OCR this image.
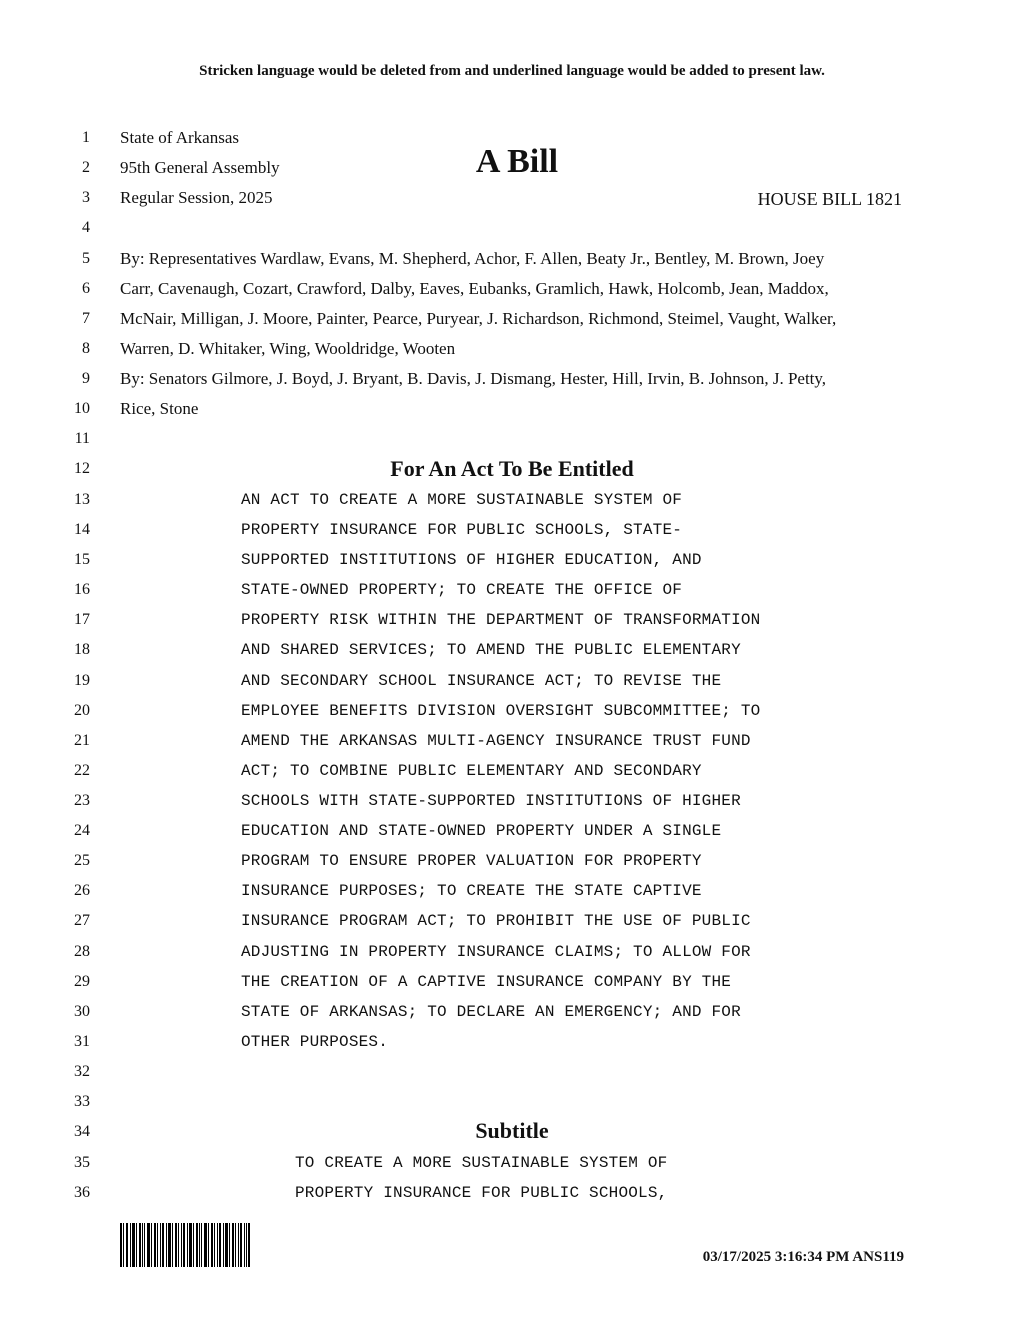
Stricken language would be deleted from and underlined language would be added to present law.
1
2
3
4
5
6
7
8
9
10
11
12
13
14
15
16
17
18
19
20
21
22
23
24
25
26
27
28
29
30
31
32
33
34
35
36
State of Arkansas
95th General Assembly
Regular Session, 2025
A Bill
HOUSE BILL 1821
By: Representatives Wardlaw, Evans, M. Shepherd, Achor, F. Allen, Beaty Jr., Bentley, M. Brown, Joey
Carr, Cavenaugh, Cozart, Crawford, Dalby, Eaves, Eubanks, Gramlich, Hawk, Holcomb, Jean, Maddox,
McNair, Milligan, J. Moore, Painter, Pearce, Puryear, J. Richardson, Richmond, Steimel, Vaught, Walker,
Warren, D. Whitaker, Wing, Wooldridge, Wooten
By: Senators Gilmore, J. Boyd, J. Bryant, B. Davis, J. Dismang, Hester, Hill, Irvin, B. Johnson, J. Petty,
Rice, Stone
For An Act To Be Entitled
AN ACT TO CREATE A MORE SUSTAINABLE SYSTEM OF
PROPERTY INSURANCE FOR PUBLIC SCHOOLS, STATE-
SUPPORTED INSTITUTIONS OF HIGHER EDUCATION, AND
STATE-OWNED PROPERTY; TO CREATE THE OFFICE OF
PROPERTY RISK WITHIN THE DEPARTMENT OF TRANSFORMATION
AND SHARED SERVICES; TO AMEND THE PUBLIC ELEMENTARY
AND SECONDARY SCHOOL INSURANCE ACT; TO REVISE THE
EMPLOYEE BENEFITS DIVISION OVERSIGHT SUBCOMMITTEE; TO
AMEND THE ARKANSAS MULTI-AGENCY INSURANCE TRUST FUND
ACT; TO COMBINE PUBLIC ELEMENTARY AND SECONDARY
SCHOOLS WITH STATE-SUPPORTED INSTITUTIONS OF HIGHER
EDUCATION AND STATE-OWNED PROPERTY UNDER A SINGLE
PROGRAM TO ENSURE PROPER VALUATION FOR PROPERTY
INSURANCE PURPOSES; TO CREATE THE STATE CAPTIVE
INSURANCE PROGRAM ACT; TO PROHIBIT THE USE OF PUBLIC
ADJUSTING IN PROPERTY INSURANCE CLAIMS; TO ALLOW FOR
THE CREATION OF A CAPTIVE INSURANCE COMPANY BY THE
STATE OF ARKANSAS; TO DECLARE AN EMERGENCY; AND FOR
OTHER PURPOSES.
Subtitle
TO CREATE A MORE SUSTAINABLE SYSTEM OF
PROPERTY INSURANCE FOR PUBLIC SCHOOLS,
03/17/2025 3:16:34 PM ANS119
